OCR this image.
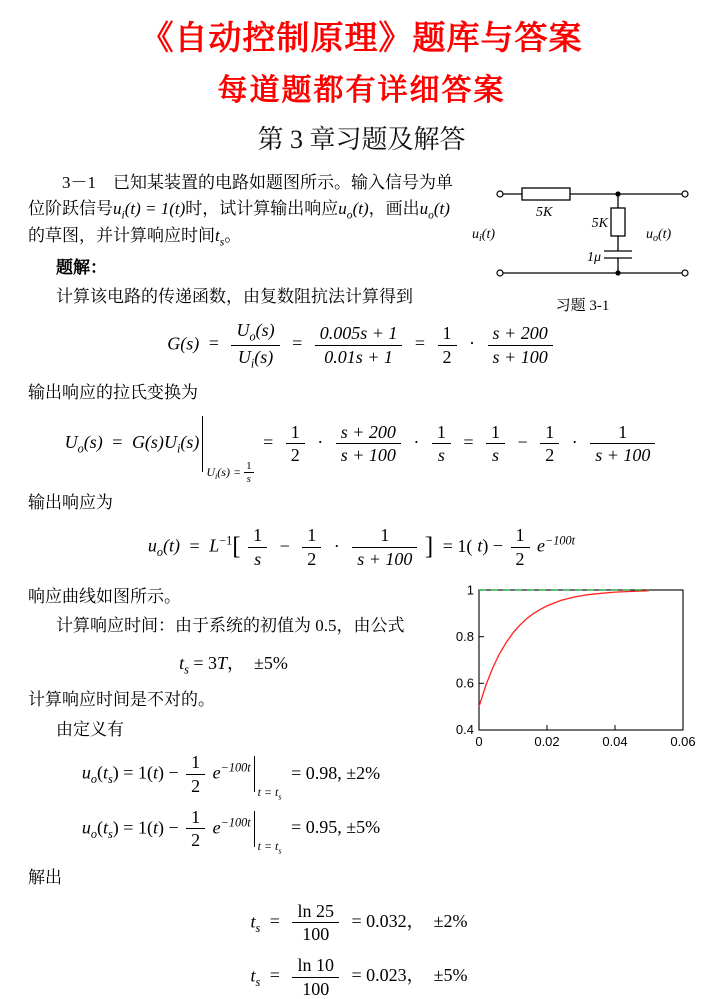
《自动控制原理》题库与答案
每道题都有详细答案
第 3 章习题及解答
5K
5K
1μ
$u_i(t)$	$u_o(t)$
习题 3-1

3－1　已知某装置的电路如题图所示。输入信号为单位阶跃信号$u_i(t) = 1(t)$时，试计算输出响应$u_o(t)$，画出$u_o(t)$的草图，并计算响应时间$t_s$。

题解：

计算该电路的传递函数，由复数阻抗法计算得到

$G(s) = \frac{U_o(s)}{U_i(s)} = \frac{0.005s + 1}{0.01s + 1} = \frac{1}{2} \cdot \frac{s + 200}{s + 100}$

输出响应的拉氏变换为

$U_o(s) = G(s)U_i(s)$
$U_i(s) = \frac{1}{s}$
= $\frac{1}{2} \cdot \frac{s + 200}{s + 100} \cdot \frac{1}{s} = \frac{1}{s} - \frac{1}{2} \cdot \frac{1}{s + 100}$

输出响应为

$u_o(t) = L^{-1}[ \frac{1}{s} - \frac{1}{2} \cdot \frac{1}{s + 100}$ ] = 1( $t) - \frac{1}{2} e^{-100t}$

响应曲线如图所示。

计算响应时间：由于系统的初值为 0.5，由公式

$t_s = 3T$，　±5%

计算响应时间是不对的。

由定义有

$u_o(t_s) = 1(t) - \frac{1}{2} e^{-100t}$
$t = t_s$
= 0.98, ±2%
$u_o(t_s) = 1(t) - \frac{1}{2} e^{-100t}$
$t = t_s$
= 0.95, ±5%
0	0.02	0.04	0.06
0.4
0.6
0.8
1

解出

$t_s = \frac{\ln 25}{100} = 0.032$，　±2%
$t_s = \frac{\ln 10}{100} = 0.023$，　±5%
